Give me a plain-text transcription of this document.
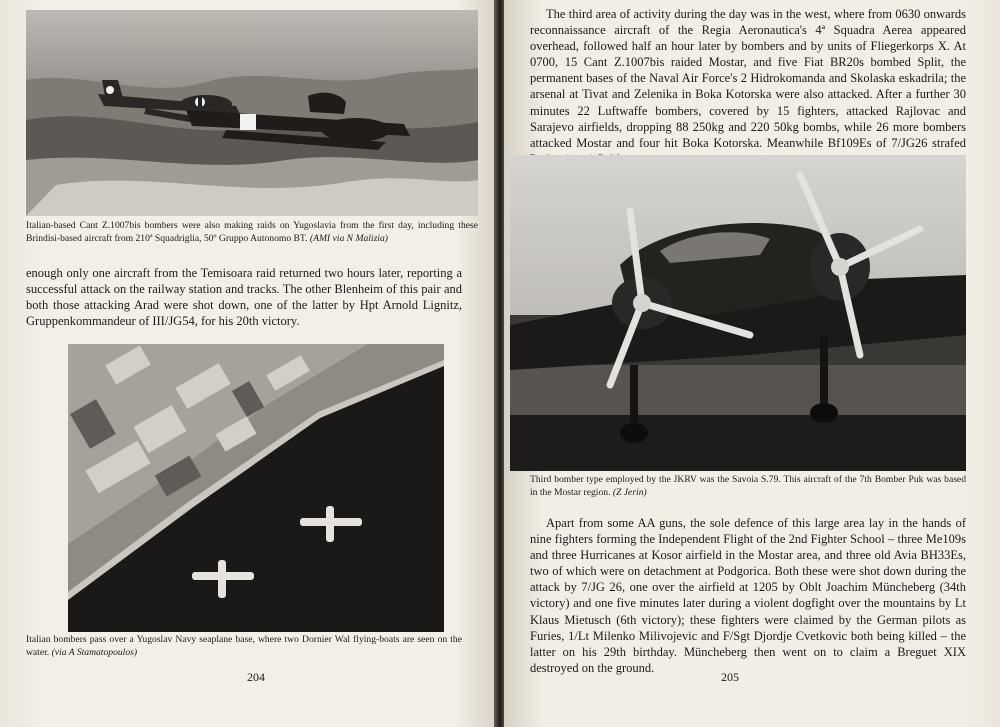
Italian-based Cant Z.1007bis bombers were also making raids on Yugoslavia from the first day, including these Brindisi-based aircraft from 210ª Squadriglia, 50º Gruppo Autonomo BT. (AMI via N Malizia)

enough only one aircraft from the Temisoara raid returned two hours later, reporting a successful attack on the railway station and tracks. The other Blenheim of this pair and both those attacking Arad were shot down, one of the latter by Hpt Arnold Lignitz, Gruppenkommandeur of III/JG54, for his 20th victory.

Italian bombers pass over a Yugoslav Navy seaplane base, where two Dornier Wal flying-boats are seen on the water. (via A Stamatopoulos)

204

The third area of activity during the day was in the west, where from 0630 onwards reconnaissance aircraft of the Regia Aeronautica's 4ª Squadra Aerea appeared overhead, followed half an hour later by bombers and by units of Fliegerkorps X. At 0700, 15 Cant Z.1007bis raided Mostar, and five Fiat BR20s bombed Split, the permanent bases of the Naval Air Force's 2 Hidrokomanda and Skolaska eskadrila; the arsenal at Tivat and Zelenika in Boka Kotorska were also attacked. After a further 30 minutes 22 Luftwaffe bombers, covered by 15 fighters, attacked Rajlovac and Sarajevo airfields, dropping 88 250kg and 220 50kg bombs, while 26 more bombers attacked Mostar and four hit Boka Kotorska. Meanwhile Bf109Es of 7/JG26 strafed

Third bomber type employed by the JKRV was the Savoia S.79. This aircraft of the 7th Bomber Puk was based in the Mostar region. (Z Jerin)

Apart from some AA guns, the sole defence of this large area lay in the hands of nine fighters forming the Independent Flight of the 2nd Fighter School – three Me109s and three Hurricanes at Kosor airfield in the Mostar area, and three old Avia BH33Es, two of which were on detachment at Podgorica. Both these were shot down during the attack by 7/JG 26, one over the airfield at 1205 by Oblt Joachim Müncheberg (34th victory) and one five minutes later during a violent dogfight over the mountains by Lt Klaus Mietusch (6th victory); these fighters were claimed by the German pilots as Furies, 1/Lt Milenko Milivojevic and F/Sgt Djordje Cvetkovic both being killed – the latter on his 29th birthday. Müncheberg then went on to claim a Breguet XIX destroyed on the ground.

205
